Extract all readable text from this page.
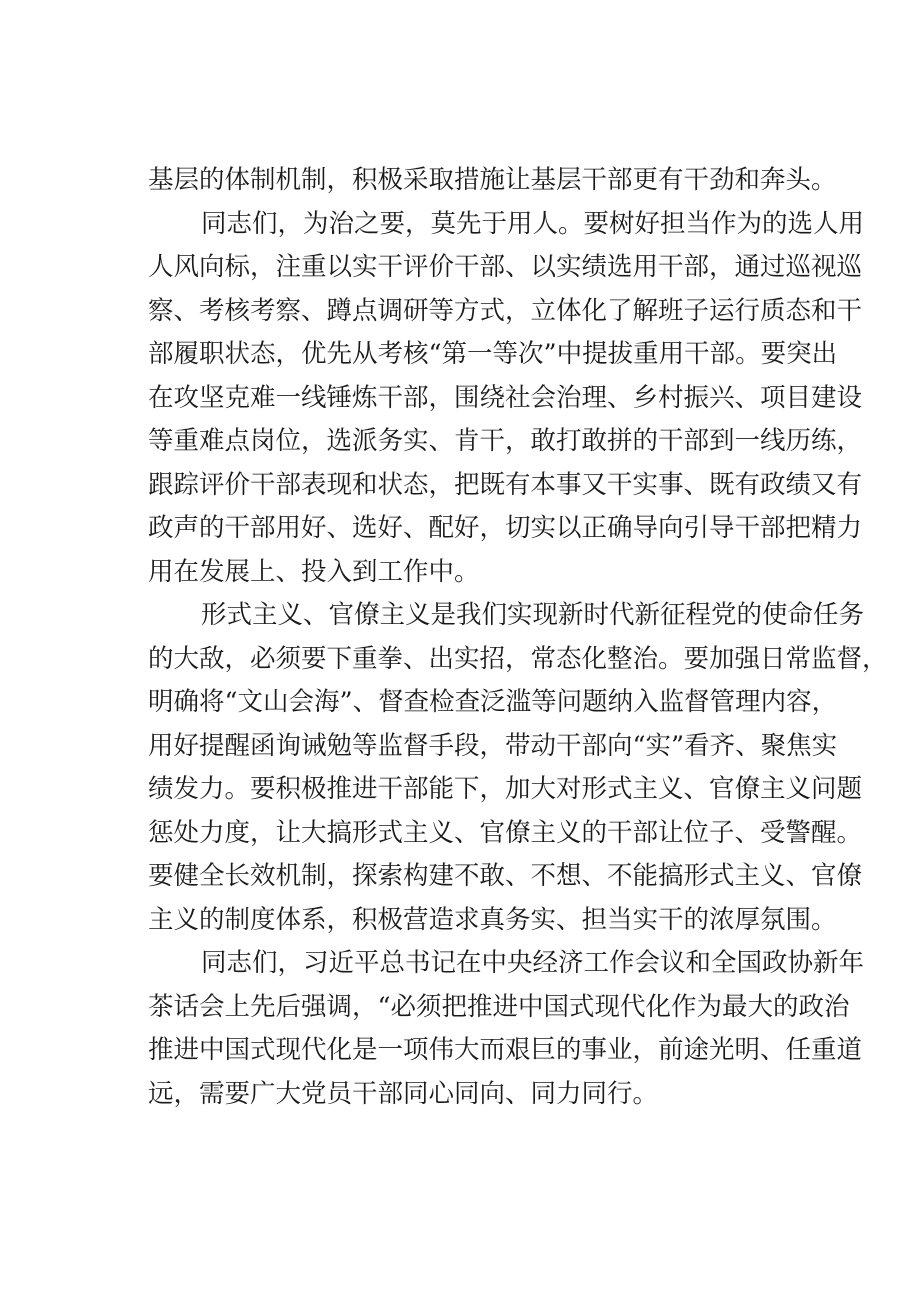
基层的体制机制，积极采取措施让基层干部更有干劲和奔头。
同志们，为治之要，莫先于用人。要树好担当作为的选人用
人风向标，注重以实干评价干部、以实绩选用干部，通过巡视巡
察、考核考察、蹲点调研等方式，立体化了解班子运行质态和干
部履职状态，优先从考核“第一等次”中提拔重用干部。要突出
在攻坚克难一线锤炼干部，围绕社会治理、乡村振兴、项目建设
等重难点岗位，选派务实、肯干，敢打敢拼的干部到一线历练，
跟踪评价干部表现和状态，把既有本事又干实事、既有政绩又有
政声的干部用好、选好、配好，切实以正确导向引导干部把精力
用在发展上、投入到工作中。
形式主义、官僚主义是我们实现新时代新征程党的使命任务
的大敌，必须要下重拳、出实招，常态化整治。要加强日常监督，
明确将“文山会海”、督查检查泛滥等问题纳入监督管理内容，
用好提醒函询诫勉等监督手段，带动干部向“实”看齐、聚焦实
绩发力。要积极推进干部能下，加大对形式主义、官僚主义问题
惩处力度，让大搞形式主义、官僚主义的干部让位子、受警醒。
要健全长效机制，探索构建不敢、不想、不能搞形式主义、官僚
主义的制度体系，积极营造求真务实、担当实干的浓厚氛围。
同志们，习近平总书记在中央经济工作会议和全国政协新年
茶话会上先后强调，“必须把推进中国式现代化作为最大的政治
推进中国式现代化是一项伟大而艰巨的事业，前途光明、任重道
远，需要广大党员干部同心同向、同力同行。
